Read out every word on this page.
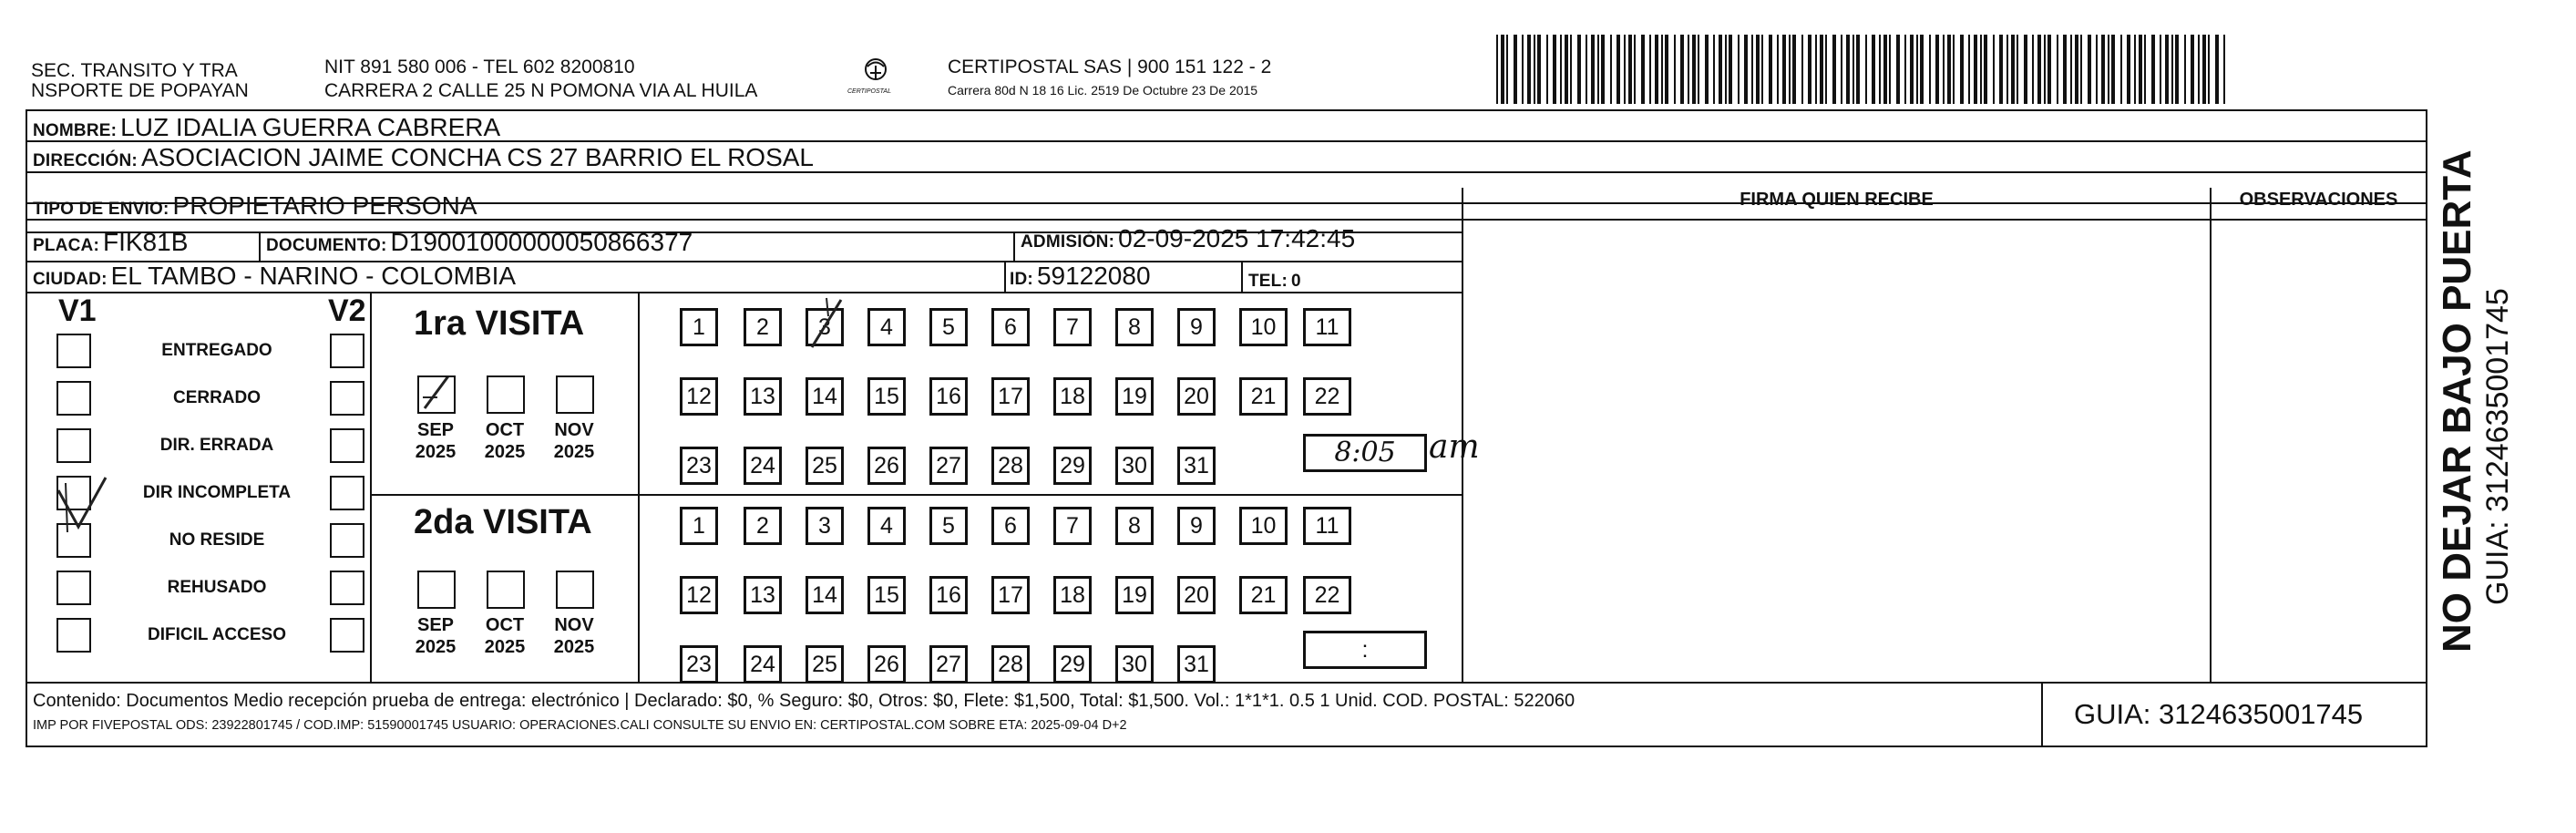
SEC. TRANSITO Y TRA
NSPORTE DE POPAYAN
NIT 891 580 006 - TEL 602 8200810
CARRERA 2 CALLE 25 N POMONA VIA AL HUILA	CERTIPOSTAL
CERTIPOSTAL SAS | 900 151 122 - 2
Carrera 80d N 18 16 Lic. 2519 De Octubre 23 De 2015
NOMBRE: LUZ IDALIA GUERRA CABRERA
DIRECCIÓN: ASOCIACION JAIME CONCHA CS 27 BARRIO EL ROSAL
TIPO DE ENVIO: PROPIETARIO PERSONA
PLACA: FIK81B	DOCUMENTO: D19001000000050866377	ADMISIÓN: 02-09-2025 17:42:45
CIUDAD: EL TAMBO - NARINO - COLOMBIA	ID: 59122080	TEL: 0
FIRMA QUIEN RECIBE	OBSERVACIONES
V1	V2
ENTREGADO
CERRADO
DIR. ERRADA
DIR INCOMPLETA
NO RESIDE
REHUSADO
DIFICIL ACCESO
1ra VISITA
SEP
2025
OCT
2025
NOV
2025
1	2	3	4	5	6	7	8	9	10	11
12 13 14 15 16 17 18 19 20	21	22
23 24 25 26 27 28 29 30 31	8:05	am
2da VISITA
SEP
2025
OCT
2025
NOV
2025
1	2	3	4	5	6	7	8	9	10	11
12 13 14 15 16 17 18 19 20	21	22
23 24 25 26 27 28 29 30 31
:
Contenido: Documentos Medio recepción prueba de entrega: electrónico | Declarado: $0, % Seguro: $0, Otros: $0, Flete: $1,500, Total: $1,500. Vol.: 1*1*1. 0.5 1 Unid. COD. POSTAL: 522060
IMP POR FIVEPOSTAL ODS: 23922801745 / COD.IMP: 51590001745 USUARIO: OPERACIONES.CALI CONSULTE SU ENVIO EN: CERTIPOSTAL.COM SOBRE ETA: 2025-09-04 D+2	GUIA: 3124635001745
NO DEJAR BAJO PUERTA GUIA: 3124635001745
